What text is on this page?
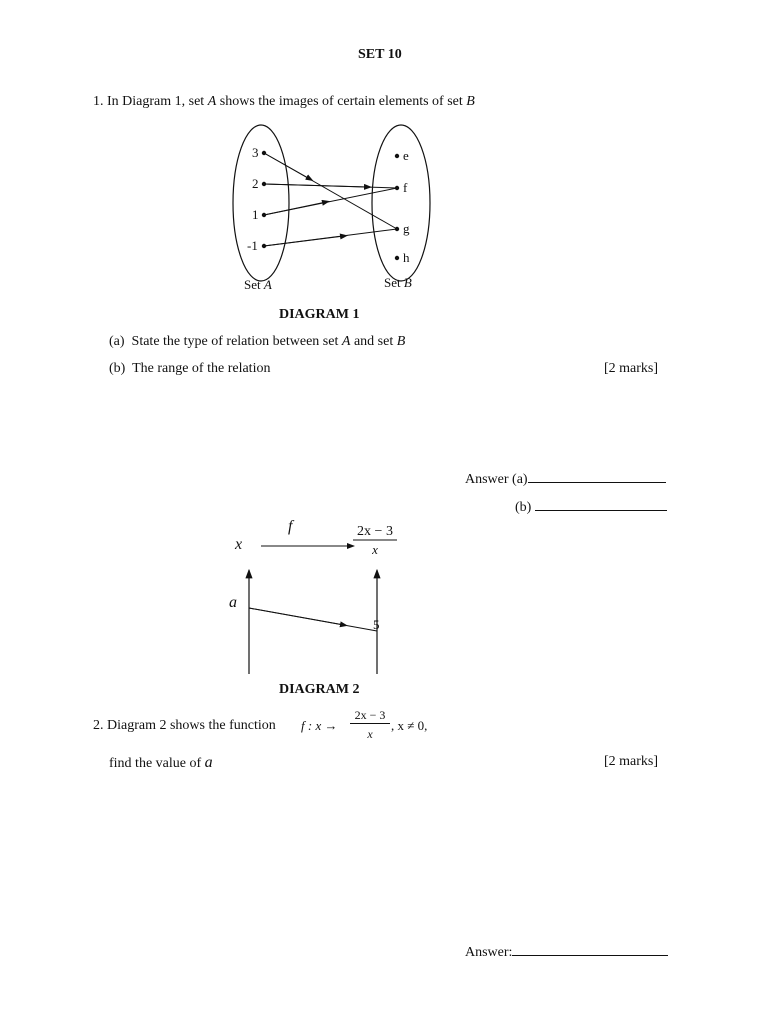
SET 10
1. In Diagram 1, set A shows the images of certain elements of set B
3
2
1
-1
e
f
g
h
Set A	Set B
DIAGRAM 1
(a) State the type of relation between set A and set B
(b) The range of the relation	[2 marks]
Answer (a)
(b)
x
f	2x − 3
x
a
5
DIAGRAM 2
2. Diagram 2 shows the function f : x →
2x − 3
x
, x ≠ 0,
find the value of a	[2 marks]
Answer:
